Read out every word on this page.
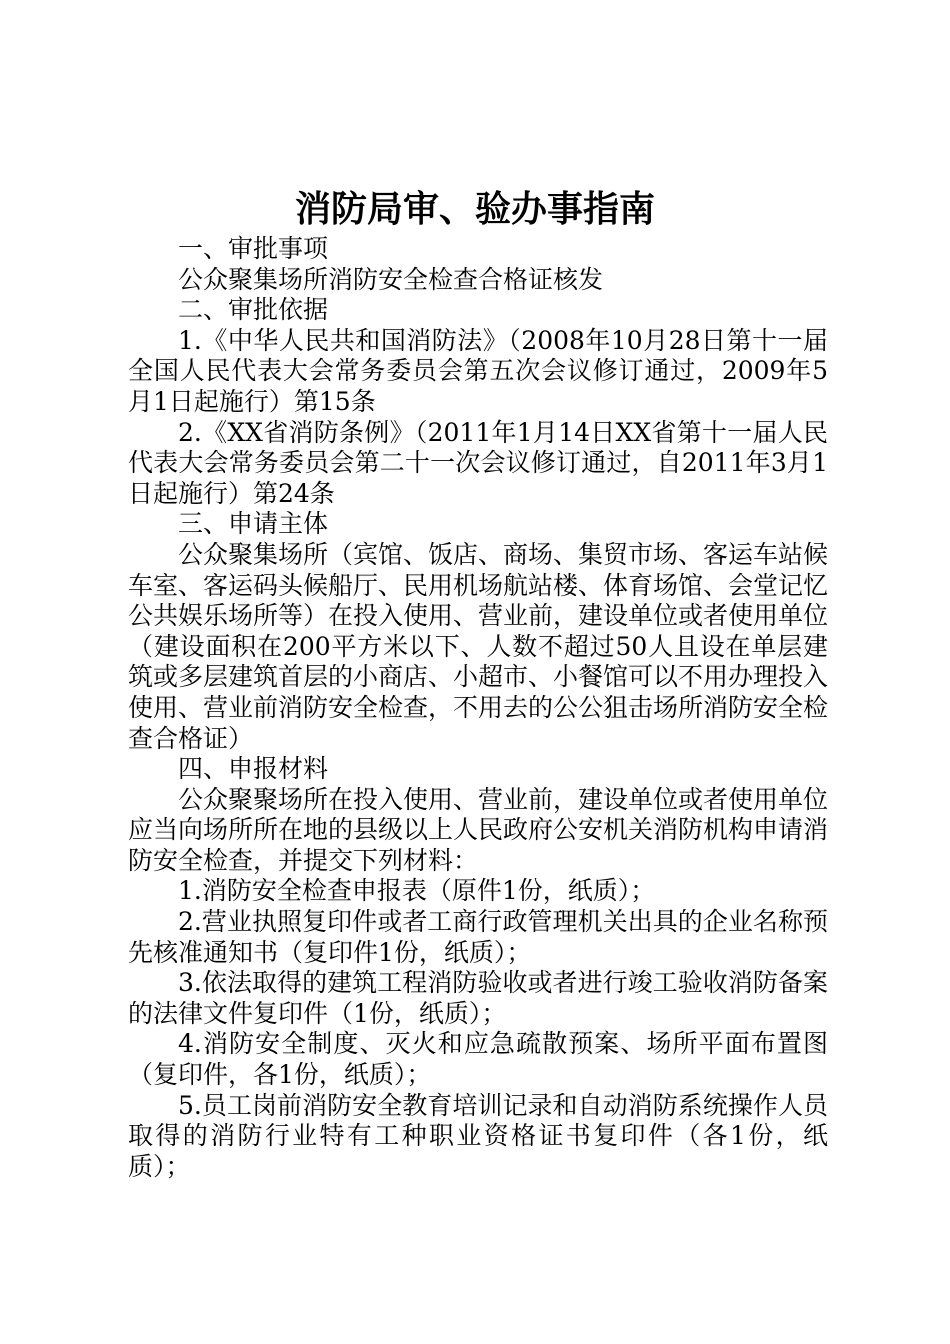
消防局审、验办事指南

一、审批事项

公众聚集场所消防安全检查合格证核发

二、审批依据

1.《中华人民共和国消防法》（2008年10月28日第十一届全国人民代表大会常务委员会第五次会议修订通过，2009年5月1日起施行）第15条

2.《XX省消防条例》（2011年1月14日XX省第十一届人民代表大会常务委员会第二十一次会议修订通过，自2011年3月1日起施行）第24条

三、申请主体

公众聚集场所（宾馆、饭店、商场、集贸市场、客运车站候车室、客运码头候船厅、民用机场航站楼、体育场馆、会堂记忆公共娱乐场所等）在投入使用、营业前，建设单位或者使用单位（建设面积在200平方米以下、人数不超过50人且设在单层建筑或多层建筑首层的小商店、小超市、小餐馆可以不用办理投入使用、营业前消防安全检查，不用去的公公狙击场所消防安全检查合格证）

四、申报材料

公众聚聚场所在投入使用、营业前，建设单位或者使用单位应当向场所所在地的县级以上人民政府公安机关消防机构申请消防安全检查，并提交下列材料：

1.消防安全检查申报表（原件1份，纸质）；

2.营业执照复印件或者工商行政管理机关出具的企业名称预先核准通知书（复印件1份，纸质）；

3.依法取得的建筑工程消防验收或者进行竣工验收消防备案的法律文件复印件（1份，纸质）；

4.消防安全制度、灭火和应急疏散预案、场所平面布置图（复印件，各1份，纸质）；

5.员工岗前消防安全教育培训记录和自动消防系统操作人员取得的消防行业特有工种职业资格证书复印件（各1份，纸质）；
